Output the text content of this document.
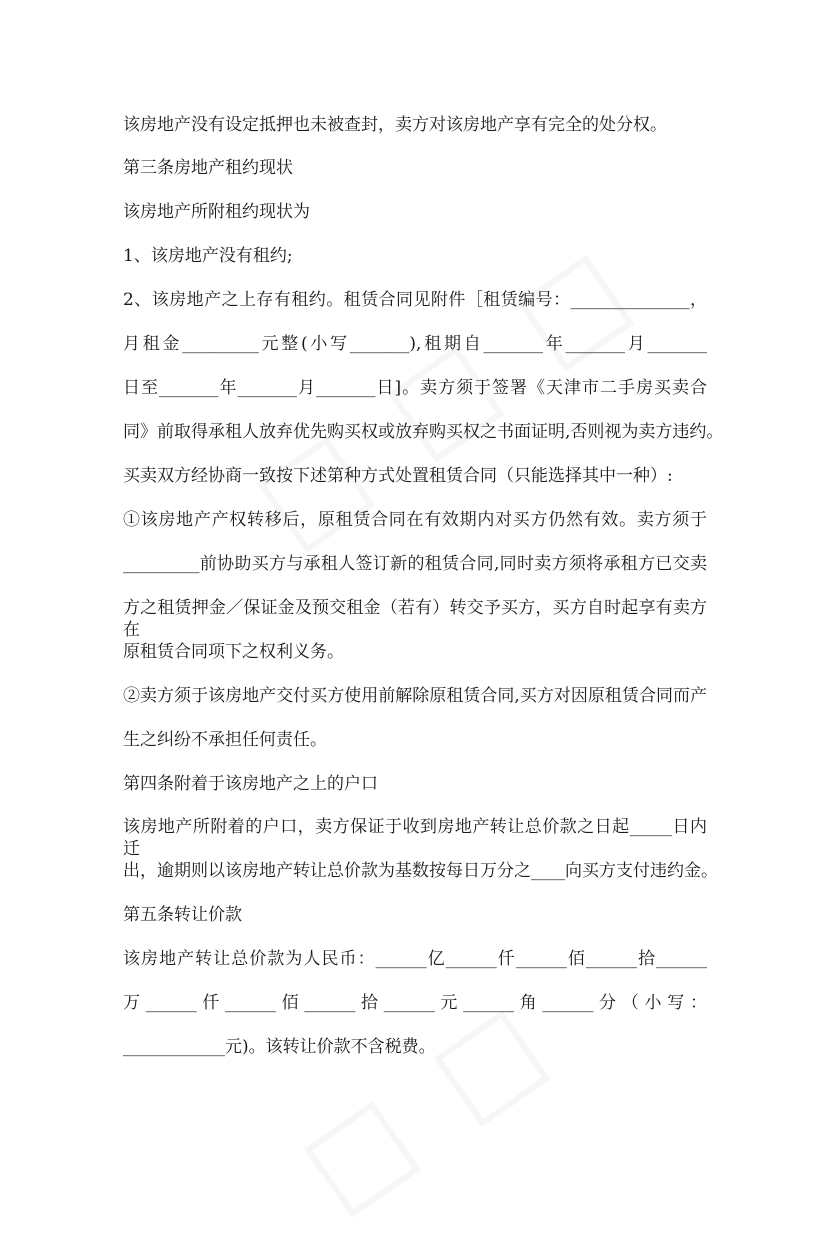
该房地产没有设定抵押也未被查封，卖方对该房地产享有完全的处分权。
第三条房地产租约现状
该房地产所附租约现状为
1、该房地产没有租约;
2、该房地产之上存有租约。租赁合同见附件［租赁编号：______________，
月租金_________元整(小写_______),租期自_______年_______月_______
日至_______年_______月_______日]。卖方须于签署《天津市二手房买卖合
同》前取得承租人放弃优先购买权或放弃购买权之书面证明,否则视为卖方违约。
买卖双方经协商一致按下述第种方式处置租赁合同（只能选择其中一种）:
①该房地产产权转移后，原租赁合同在有效期内对买方仍然有效。卖方须于
_________前协助买方与承租人签订新的租赁合同,同时卖方须将承租方已交卖
方之租赁押金／保证金及预交租金（若有）转交予买方，买方自时起享有卖方在
原租赁合同项下之权利义务。
②卖方须于该房地产交付买方使用前解除原租赁合同,买方对因原租赁合同而产
生之纠纷不承担任何责任。
第四条附着于该房地产之上的户口
该房地产所附着的户口，卖方保证于收到房地产转让总价款之日起_____日内迁
出，逾期则以该房地产转让总价款为基数按每日万分之____向买方支付违约金。
第五条转让价款
该房地产转让总价款为人民币：______亿______仟______佰______拾______
万 ______ 仟 ______ 佰 ______ 拾 ______ 元 ______ 角 ______ 分 （ 小 写 ：
____________元)。该转让价款不含税费。
